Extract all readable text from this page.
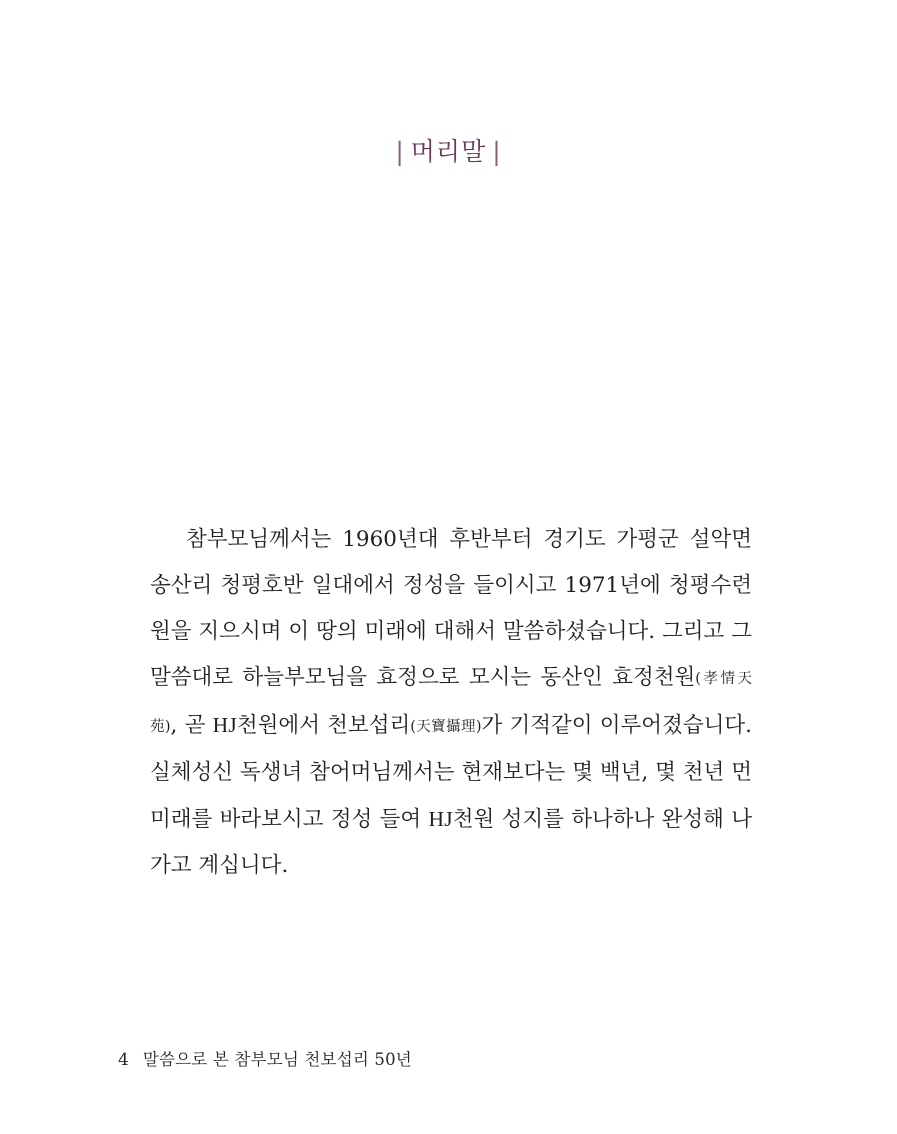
| 머리말 |

참부모님께서는 1960년대 후반부터 경기도 가평군 설악면 송산리 청평호반 일대에서 정성을 들이시고 1971년에 청평수련원을 지으시며 이 땅의 미래에 대해서 말씀하셨습니다. 그리고 그 말씀대로 하늘부모님을 효정으로 모시는 동산인 효정천원(孝情天苑), 곧 HJ천원에서 천보섭리(天寶攝理)가 기적같이 이루어졌습니다. 실체성신 독생녀 참어머님께서는 현재보다는 몇 백년, 몇 천년 먼 미래를 바라보시고 정성 들여 HJ천원 성지를 하나하나 완성해 나가고 계십니다.

4 말씀으로 본 참부모님 천보섭리 50년
